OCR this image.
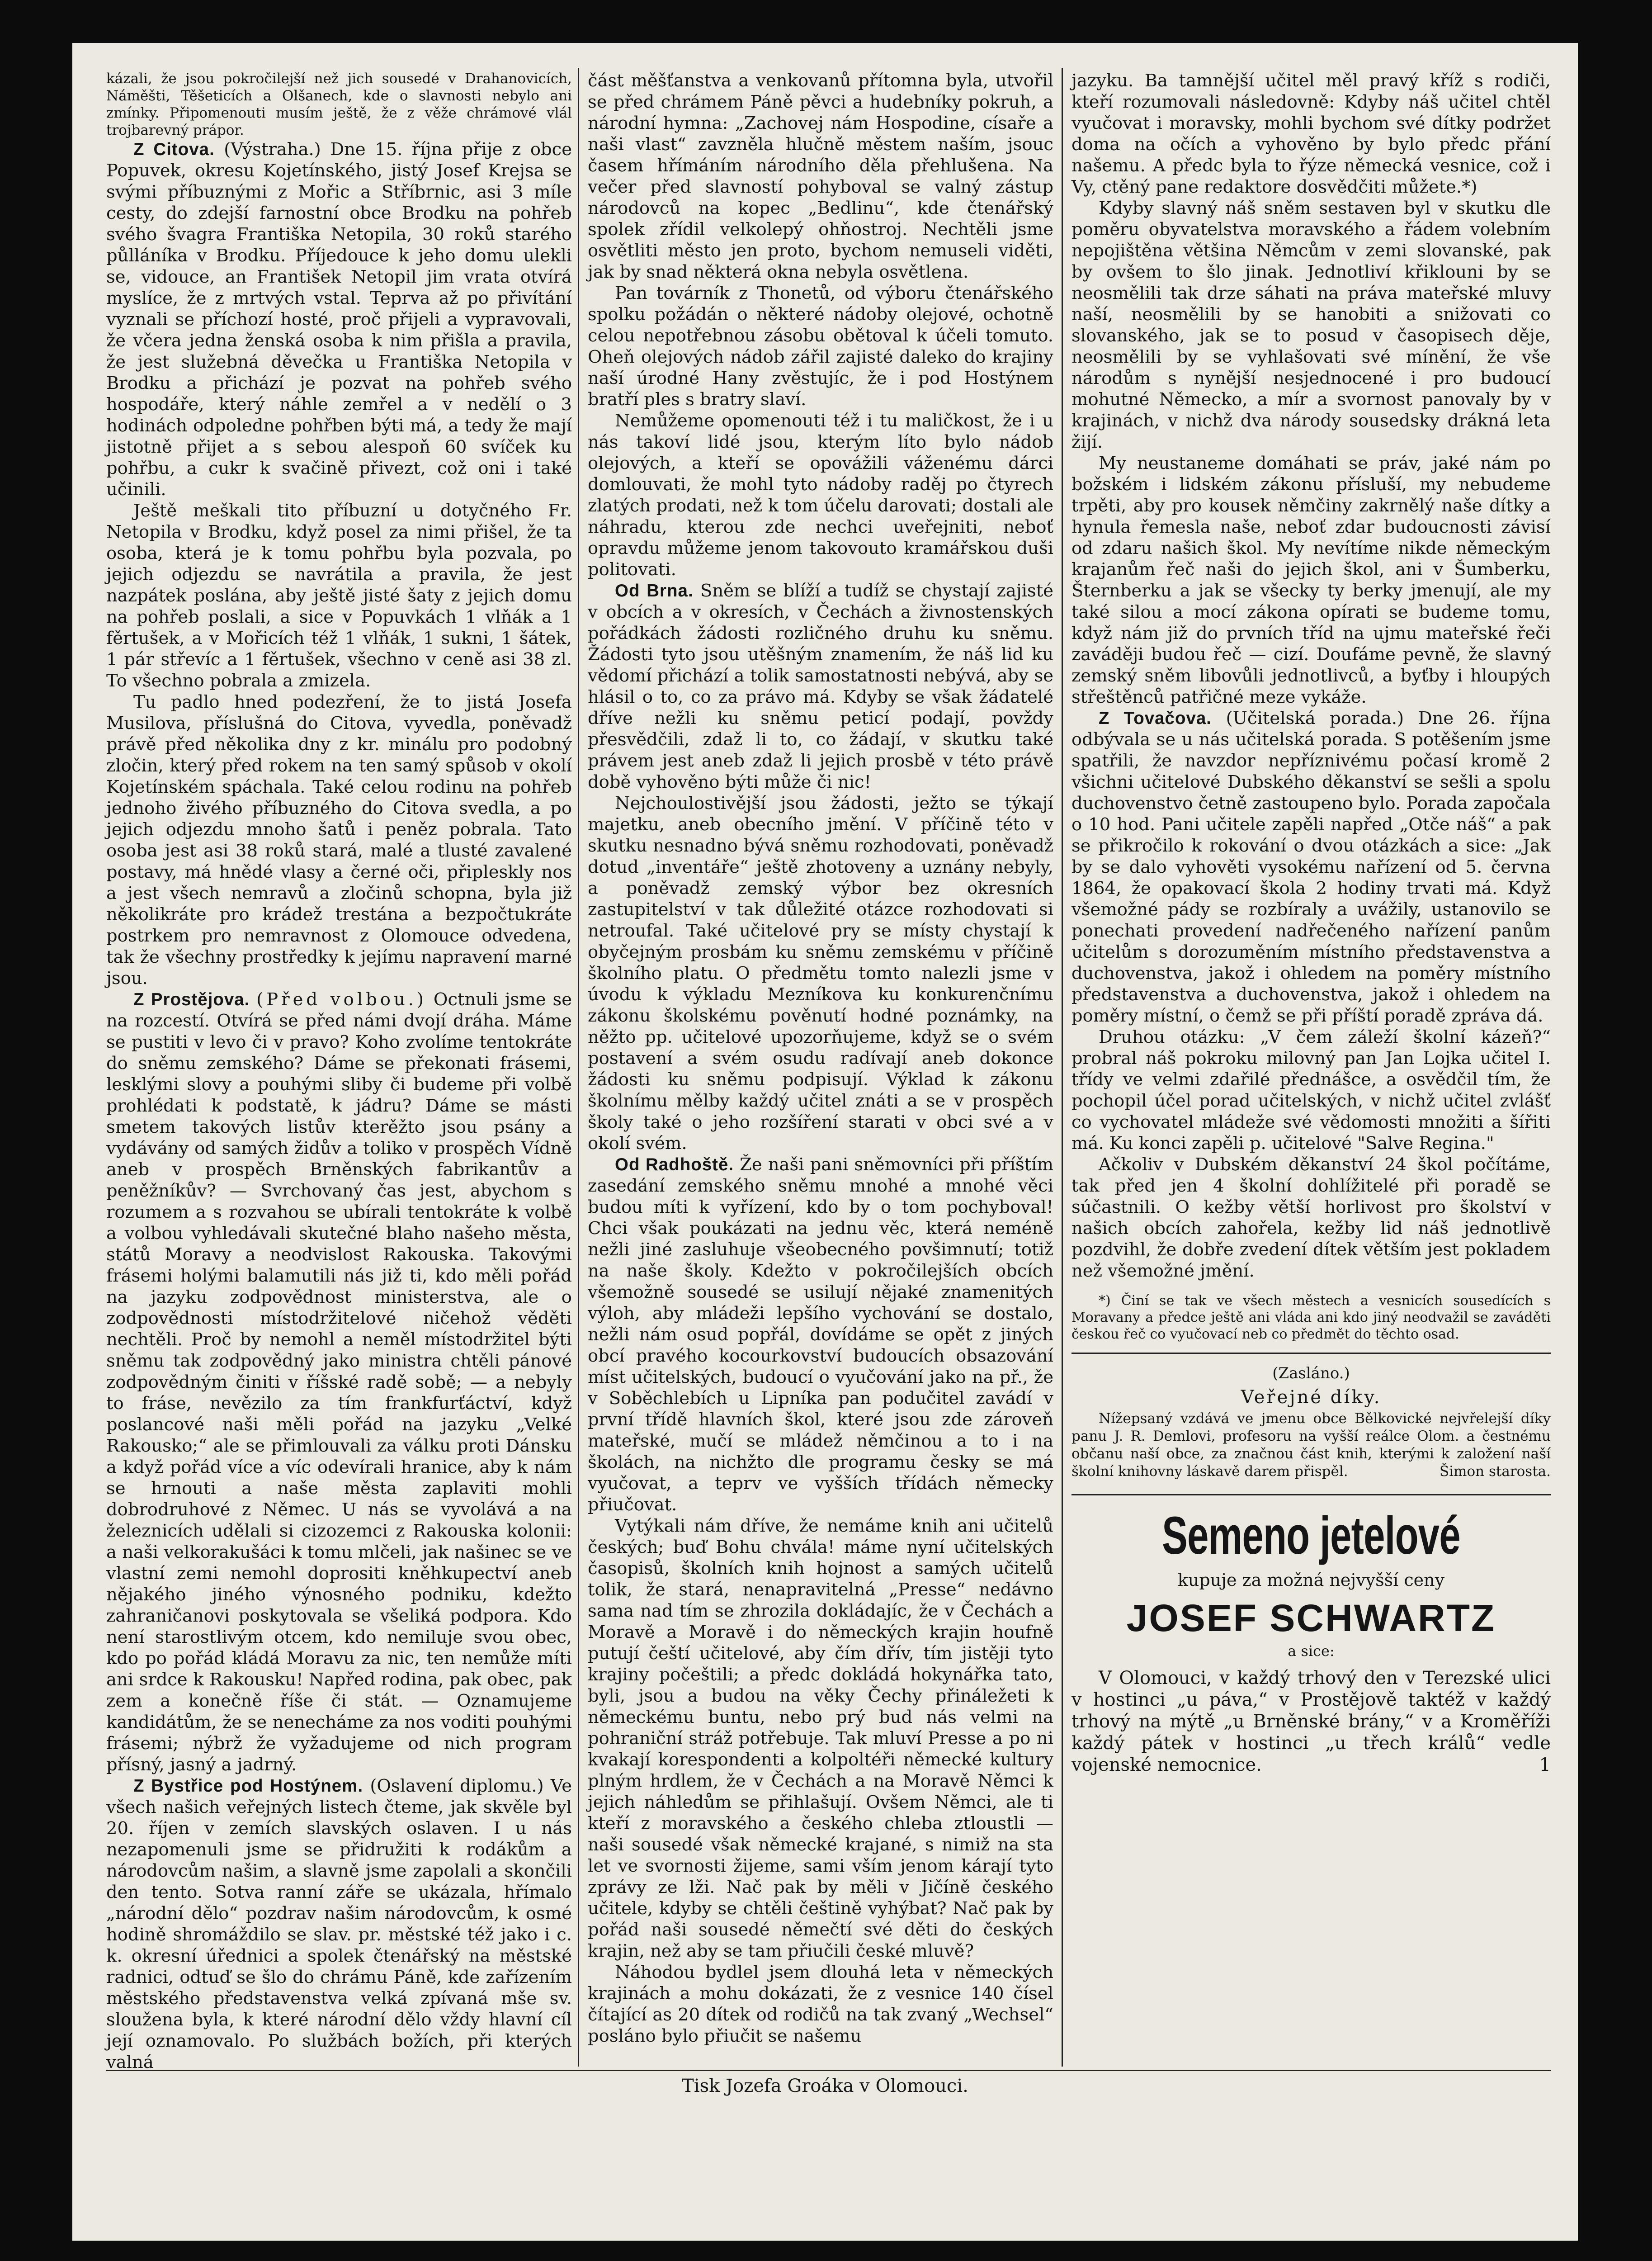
kázali, že jsou pokročilejší než jich sousedé v Drahanovicích, Náměšti, Těšeticích a Olšanech, kde o slavnosti nebylo ani zmínky. Připomenouti musím ještě, že z věže chrámové vlál trojbarevný prápor.

Z Citova. (Výstraha.) Dne 15. října přije z obce Popuvek, okresu Kojetínského, jistý Josef Krejsa se svými příbuznými z Mořic a Stříbrnic, asi 3 míle cesty, do zdejší farnostní obce Brodku na pohřeb svého švagra Františka Netopila, 30 roků starého půlláníka v Brodku. Příjedouce k jeho domu ulekli se, vidouce, an František Netopil jim vrata otvírá myslíce, že z mrtvých vstal. Teprva až po přivítání vyznali se příchozí hosté, proč přijeli a vypravovali, že včera jedna ženská osoba k nim přišla a pravila, že jest služebná děvečka u Františka Netopila v Brodku a přichází je pozvat na pohřeb svého hospodáře, který náhle zemřel a v nedělí o 3 hodinách odpoledne pohřben býti má, a tedy že mají jistotně přijet a s sebou alespoň 60 svíček ku pohřbu, a cukr k svačině přivezt, což oni i také učinili.

Ještě meškali tito příbuzní u dotyčného Fr. Netopila v Brodku, když posel za nimi přišel, že ta osoba, která je k tomu pohřbu byla pozvala, po jejich odjezdu se navrátila a pravila, že jest nazpátek poslána, aby ještě jisté šaty z jejich domu na pohřeb poslali, a sice v Popuvkách 1 vlňák a 1 fěrtušek, a v Mořicích též 1 vlňák, 1 sukni, 1 šátek, 1 pár střevíc a 1 fěrtušek, všechno v ceně asi 38 zl. To všechno pobrala a zmizela.

Tu padlo hned podezření, že to jistá Josefa Musilova, příslušná do Citova, vyvedla, poněvadž právě před několika dny z kr. minálu pro podobný zločin, který před rokem na ten samý spůsob v okolí Kojetínském spáchala. Také celou rodinu na pohřeb jednoho živého příbuzného do Citova svedla, a po jejich odjezdu mnoho šatů i peněz pobrala. Tato osoba jest asi 38 roků stará, malé a tlusté zavalené postavy, má hnědé vlasy a černé oči, připleskly nos a jest všech nemravů a zločinů schopna, byla již několikráte pro krádež trestána a bezpočtukráte postrkem pro nemravnost z Olomouce odvedena, tak že všechny prostředky k jejímu napravení marné jsou.

Z Prostějova. (Před volbou.) Octnuli jsme se na rozcestí. Otvírá se před námi dvojí dráha. Máme se pustiti v levo či v pravo? Koho zvolíme tentokráte do sněmu zemského? Dáme se překonati frásemi, lesklými slovy a pouhými sliby či budeme při volbě prohlédati k podstatě, k jádru? Dáme se másti smetem takových listův kterěžto jsou psány a vydávány od samých židův a toliko v prospěch Vídně aneb v prospěch Brněnských fabrikantův a peněžníkův? — Svrchovaný čas jest, abychom s rozumem a s rozvahou se ubírali tentokráte k volbě a volbou vyhledávali skutečné blaho našeho města, států Moravy a neodvislost Rakouska. Takovými frásemi holými balamutili nás již ti, kdo měli pořád na jazyku zodpovědnost ministerstva, ale o zodpovědnosti místodržitelové ničehož věděti nechtěli. Proč by nemohl a neměl místodržitel býti sněmu tak zodpovědný jako ministra chtěli pánové zodpovědným činiti v říšské radě sobě; — a nebyly to fráse, nevězilo za tím frankfurťáctví, když poslancové naši měli pořád na jazyku „Velké Rakousko;“ ale se přimlouvali za válku proti Dánsku a když pořád více a víc odevírali hranice, aby k nám se hrnouti a naše města zaplaviti mohli dobrodruhové z Němec. U nás se vyvolává a na železnicích udělali si cizozemci z Rakouska kolonii: a naši velkorakušáci k tomu mlčeli, jak našinec se ve vlastní zemi nemohl doprositi kněhkupectví aneb nějakého jiného výnosného podniku, kdežto zahraničanovi poskytovala se všeliká podpora. Kdo není starostlivým otcem, kdo nemiluje svou obec, kdo po pořád kládá Moravu za nic, ten nemůže míti ani srdce k Rakousku! Napřed rodina, pak obec, pak zem a konečně říše či stát. — Oznamujeme kandidátům, že se nenecháme za nos voditi pouhými frásemi; nýbrž že vyžadujeme od nich program přísný, jasný a jadrný.

Z Bystřice pod Hostýnem. (Oslavení diplomu.) Ve všech našich veřejných listech čteme, jak skvěle byl 20. říjen v zemích slavských oslaven. I u nás nezapomenuli jsme se přidružiti k rodákům a národovcům našim, a slavně jsme zapolali a skončili den tento. Sotva ranní záře se ukázala, hřímalo „národní dělo“ pozdrav našim národovcům, k osmé hodině shromáždilo se slav. pr. městské též jako i c. k. okresní úřednici a spolek čtenářský na městské radnici, odtuď se šlo do chrámu Páně, kde zařízením městského představenstva velká zpívaná mše sv. sloužena byla, k které národní dělo vždy hlavní cíl její oznamovalo. Po službách božích, při kterých valná

část měšťanstva a venkovanů přítomna byla, utvořil se před chrámem Páně pěvci a hudebníky pokruh, a národní hymna: „Zachovej nám Hospodine, císaře a naši vlast“ zavzněla hlučně městem naším, jsouc časem hřímáním národního děla přehlušena. Na večer před slavností pohyboval se valný zástup národovců na kopec „Bedlinu“, kde čtenářský spolek zřídil velkolepý ohňostroj. Nechtěli jsme osvětliti město jen proto, bychom nemuseli viděti, jak by snad některá okna nebyla osvětlena.

Pan továrník z Thonetů, od výboru čtenářského spolku požádán o některé nádoby olejové, ochotně celou nepotřebnou zásobu obětoval k účeli tomuto. Oheň olejových nádob zářil zajisté daleko do krajiny naší úrodné Hany zvěstujíc, že i pod Hostýnem bratří ples s bratry slaví.

Nemůžeme opomenouti též i tu maličkost, že i u nás takoví lidé jsou, kterým líto bylo nádob olejových, a kteří se opovážili váženému dárci domlouvati, že mohl tyto nádoby raděj po čtyrech zlatých prodati, než k tom účelu darovati; dostali ale náhradu, kterou zde nechci uveřejniti, neboť opravdu můžeme jenom takovouto kramářskou duši politovati.

Od Brna. Sněm se blíží a tudíž se chystají zajisté v obcích a v okresích, v Čechách a živnostenských pořádkách žádosti rozličného druhu ku sněmu. Žádosti tyto jsou utěšným znamením, že náš lid ku vědomí přichází a tolik samostatnosti nebývá, aby se hlásil o to, co za právo má. Kdyby se však žádatelé dříve nežli ku sněmu peticí podají, povždy přesvědčili, zdaž li to, co žádají, v skutku také právem jest aneb zdaž li jejich prosbě v této právě době vyhověno býti může či nic!

Nejchoulostivější jsou žádosti, ježto se týkají majetku, aneb obecního jmění. V příčině této v skutku nesnadno bývá sněmu rozhodovati, poněvadž dotud „inventáře“ ještě zhotoveny a uznány nebyly, a poněvadž zemský výbor bez okresních zastupitelství v tak důležité otázce rozhodovati si netroufal. Také učitelové pry se místy chystají k obyčejným prosbám ku sněmu zemskému v příčině školního platu. O předmětu tomto nalezli jsme v úvodu k výkladu Mezníkova ku konkurenčnímu zákonu školskému pověnutí hodné poznámky, na něžto pp. učitelové upozorňujeme, když se o svém postavení a svém osudu radívají aneb dokonce žádosti ku sněmu podpisují. Výklad k zákonu školnímu mělby každý učitel znáti a se v prospěch školy také o jeho rozšíření starati v obci své a v okolí svém.

Od Radhoště. Že naši pani sněmovníci při příštím zasedání zemského sněmu mnohé a mnohé věci budou míti k vyřízení, kdo by o tom pochyboval! Chci však poukázati na jednu věc, která neméně nežli jiné zasluhuje všeobecného povšimnutí; totiž na naše školy. Kdežto v pokročilejších obcích všemožně sousedé se usilují nějaké znamenitých výloh, aby mládeži lepšího vychování se dostalo, nežli nám osud popřál, dovídáme se opět z jiných obcí pravého kocourkovství budoucích obsazování míst učitelských, budoucí o vyučování jako na př., že v Soběchlebích u Lipníka pan podučitel zavádí v první třídě hlavních škol, které jsou zde zároveň mateřské, mučí se mládež němčinou a to i na školách, na nichžto dle programu česky se má vyučovat, a teprv ve vyšších třídách německy přiučovat.

Vytýkali nám dříve, že nemáme knih ani učitelů českých; buď Bohu chvála! máme nyní učitelských časopisů, školních knih hojnost a samých učitelů tolik, že stará, nenapravitelná „Presse“ nedávno sama nad tím se zhrozila dokládajíc, že v Čechách a Moravě a Moravě i do německých krajin houfně putují čeští učitelové, aby čím dřív, tím jistěji tyto krajiny počeštili; a předc dokládá hokynářka tato, byli, jsou a budou na věky Čechy přináležeti k německému buntu, nebo prý bud nás velmi na pohraniční stráž potřebuje. Tak mluví Presse a po ni kvakají korespondenti a kolpoltéři německé kultury plným hrdlem, že v Čechách a na Moravě Němci k jejich náhledům se přihlašují. Ovšem Němci, ale ti kteří z moravského a českého chleba ztloustli — naši sousedé však německé krajané, s nimiž na sta let ve svornosti žijeme, sami vším jenom kárají tyto zprávy ze lži. Nač pak by měli v Jičíně českého učitele, kdyby se chtěli češtině vyhýbat? Nač pak by pořád naši sousedé němečtí své děti do českých krajin, než aby se tam přiučili české mluvě?

Náhodou bydlel jsem dlouhá leta v německých krajinách a mohu dokázati, že z vesnice 140 čísel čítající as 20 dítek od rodičů na tak zvaný „Wechsel“ posláno bylo přiučit se našemu

jazyku. Ba tamnější učitel měl pravý kříž s rodiči, kteří rozumovali následovně: Kdyby náš učitel chtěl vyučovat i moravsky, mohli bychom své dítky podržet doma na očích a vyhověno by bylo předc přání našemu. A předc byla to řýze německá vesnice, což i Vy, ctěný pane redaktore dosvědčiti můžete.*)

Kdyby slavný náš sněm sestaven byl v skutku dle poměru obyvatelstva moravského a řádem volebním nepojištěna většina Němcům v zemi slovanské, pak by ovšem to šlo jinak. Jednotliví křiklouni by se neosmělili tak drze sáhati na práva mateřské mluvy naší, neosmělili by se hanobiti a snižovati co slovanského, jak se to posud v časopisech děje, neosmělili by se vyhlašovati své mínění, že vše národům s nynější nesjednocené i pro budoucí mohutné Německo, a mír a svornost panovaly by v krajinách, v nichž dva národy sousedsky drákná leta žijí.

My neustaneme domáhati se práv, jaké nám po božském i lidském zákonu přísluší, my nebudeme trpěti, aby pro kousek němčiny zakrnělý naše dítky a hynula řemesla naše, neboť zdar budoucnosti závisí od zdaru našich škol. My nevítíme nikde německým krajanům řeč naši do jejich škol, ani v Šumberku, Šternberku a jak se všecky ty berky jmenují, ale my také silou a mocí zákona opírati se budeme tomu, když nám již do prvních tříd na ujmu mateřské řeči zaváději budou řeč — cizí. Doufáme pevně, že slavný zemský sněm libovůli jednotlivců, a byťby i hloupých střeštěnců patřičné meze vykáže.

Z Tovačova. (Učitelská porada.) Dne 26. října odbývala se u nás učitelská porada. S potěšením jsme spatřili, že navzdor nepříznivému počasí kromě 2 všichni učitelové Dubského děkanství se sešli a spolu duchovenstvo četně zastoupeno bylo. Porada započala o 10 hod. Pani učitele zapěli napřed „Otče náš“ a pak se přikročilo k rokování o dvou otázkách a sice: „Jak by se dalo vyhověti vysokému nařízení od 5. června 1864, že opakovací škola 2 hodiny trvati má. Když všemožné pády se rozbíraly a uvážily, ustanovilo se ponechati provedení nadřečeného nařízení panům učitelům s dorozuměním místního představenstva a duchovenstva, jakož i ohledem na poměry místního představenstva a duchovenstva, jakož i ohledem na poměry místní, o čemž se při příští poradě zpráva dá.

Druhou otázku: „V čem záleží školní kázeň?“ probral náš pokroku milovný pan Jan Lojka učitel I. třídy ve velmi zdařilé přednášce, a osvědčil tím, že pochopil účel porad učitelských, v nichž učitel zvlášť co vychovatel mládeže své vědomosti množiti a šířiti má. Ku konci zapěli p. učitelové "Salve Regina."

Ačkoliv v Dubském děkanství 24 škol počítáme, tak před jen 4 školní dohlížitelé při poradě se súčastnili. O kežby větší horlivost pro školství v našich obcích zahořela, kežby lid náš jednotlivě pozdvihl, že dobře zvedení dítek větším jest pokladem než všemožné jmění.

*) Činí se tak ve všech městech a vesnicích sousedících s Moravany a předce ještě ani vláda ani kdo jiný neodvažil se zaváděti českou řeč co vyučovací neb co předmět do těchto osad.

(Zasláno.)
Veřejné díky.

Nížepsaný vzdává ve jmenu obce Bělkovické nejvřelejší díky panu J. R. Demlovi, profesoru na vyšší reálce Olom. a čestnému občanu naší obce, za značnou část knih, kterými k založení naší školní knihovny láskavě darem přispěl.	Šimon starosta.

Semeno jetelové
kupuje za možná nejvyšší ceny
JOSEF SCHWARTZ
a sice:

V Olomouci, v každý trhový den v Terezské ulici v hostinci „u páva,“ v Prostějově taktéž v každý trhový na mýtě „u Brněnské brány,“ v a Kroměříži každý pátek v hostinci „u třech králů“ vedle vojenské nemocnice.	1

Tisk Jozefa Groáka v Olomouci.
